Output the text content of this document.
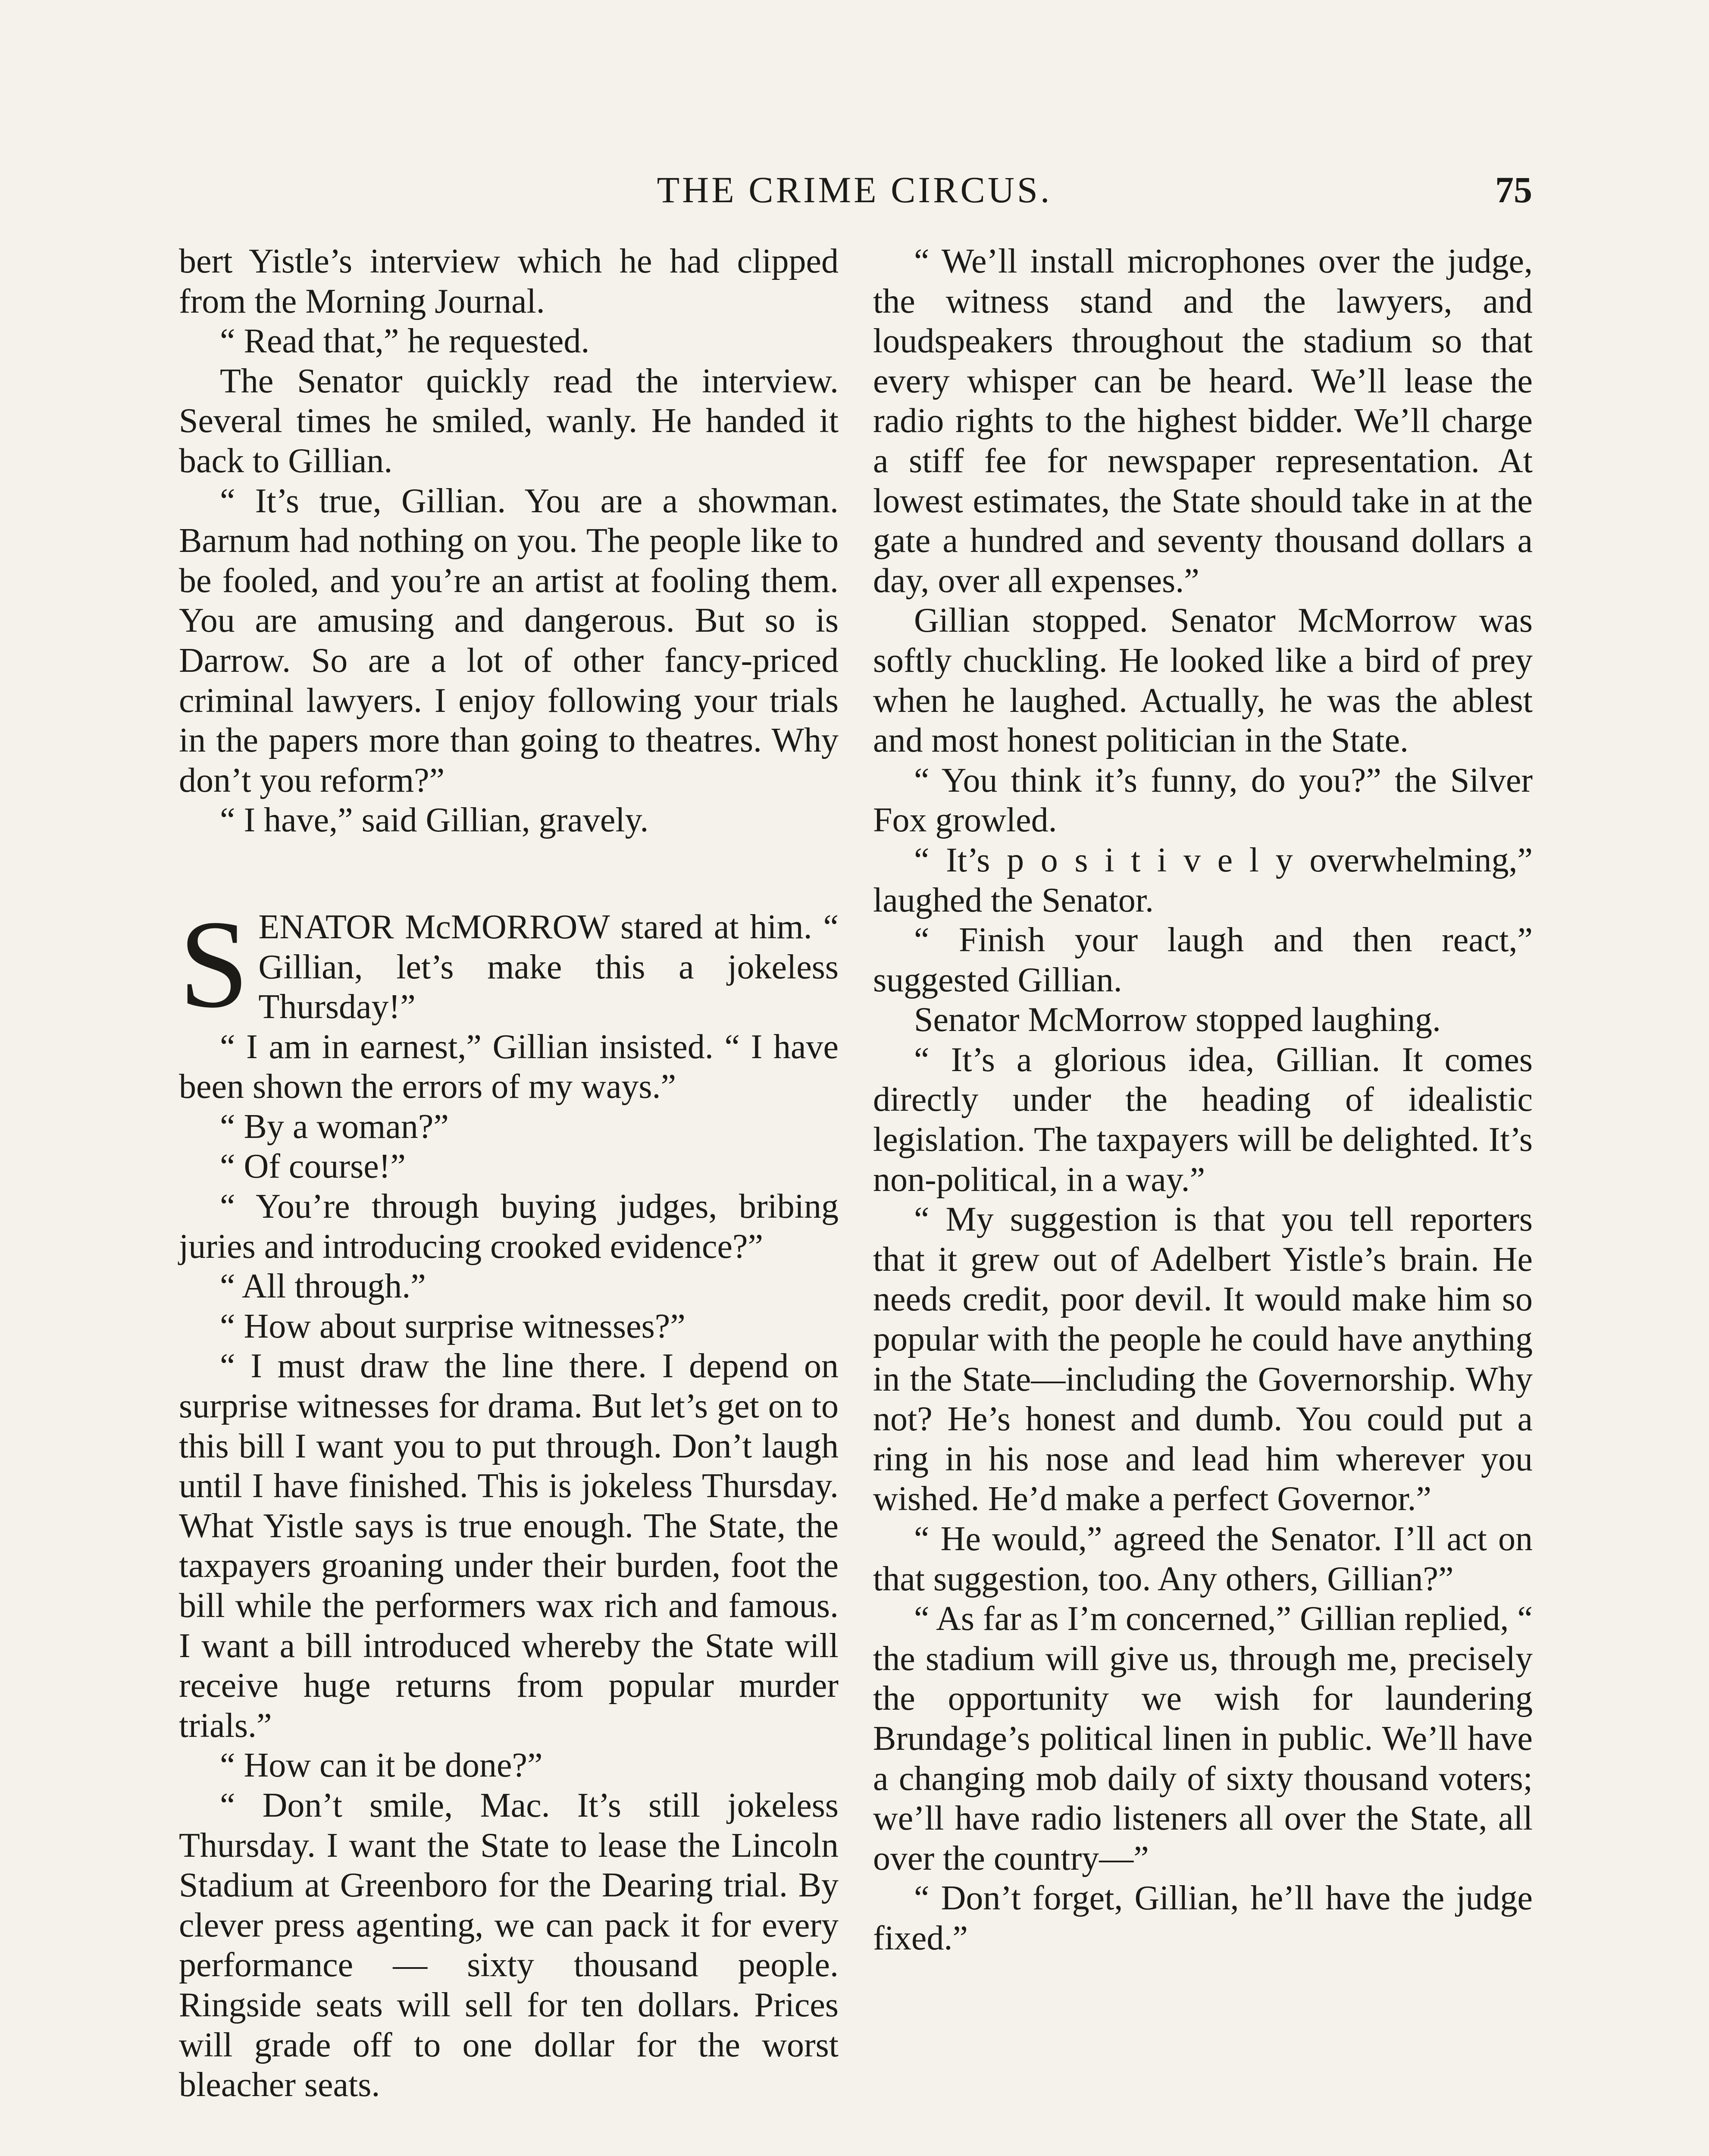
THE CRIME CIRCUS.	75

bert Yistle’s interview which he had clipped from the Morning Journal.

“ Read that,” he requested.

The Senator quickly read the interview. Several times he smiled, wanly. He handed it back to Gillian.

“ It’s true, Gillian. You are a showman. Barnum had nothing on you. The people like to be fooled, and you’re an artist at fooling them. You are amusing and dangerous. But so is Darrow. So are a lot of other fancy-priced criminal lawyers. I enjoy following your trials in the papers more than going to theatres. Why don’t you reform?”

“ I have,” said Gillian, gravely.

SENATOR McMORROW stared at him. “ Gillian, let’s make this a jokeless Thursday!”

“ I am in earnest,” Gillian insisted. “ I have been shown the errors of my ways.”

“ By a woman?”

“ Of course!”

“ You’re through buying judges, bribing juries and introducing crooked evidence?”

“ All through.”

“ How about surprise witnesses?”

“ I must draw the line there. I depend on surprise witnesses for drama. But let’s get on to this bill I want you to put through. Don’t laugh until I have finished. This is jokeless Thursday. What Yistle says is true enough. The State, the taxpayers groaning under their burden, foot the bill while the performers wax rich and famous. I want a bill introduced whereby the State will receive huge returns from popular murder trials.”

“ How can it be done?”

“ Don’t smile, Mac. It’s still jokeless Thursday. I want the State to lease the Lincoln Stadium at Greenboro for the Dearing trial. By clever press agenting, we can pack it for every performance — sixty thousand people. Ringside seats will sell for ten dollars. Prices will grade off to one dollar for the worst bleacher seats.

“ We’ll install microphones over the judge, the witness stand and the lawyers, and loudspeakers throughout the stadium so that every whisper can be heard. We’ll lease the radio rights to the highest bidder. We’ll charge a stiff fee for newspaper representation. At lowest estimates, the State should take in at the gate a hundred and seventy thousand dollars a day, over all expenses.”

Gillian stopped. Senator McMorrow was softly chuckling. He looked like a bird of prey when he laughed. Actually, he was the ablest and most honest politician in the State.

“ You think it’s funny, do you?” the Silver Fox growled.

“ It’s p o s i t i v e l y overwhelming,” laughed the Senator.

“ Finish your laugh and then react,” suggested Gillian.

Senator McMorrow stopped laughing.

“ It’s a glorious idea, Gillian. It comes directly under the heading of idealistic legislation. The taxpayers will be delighted. It’s non-political, in a way.”

“ My suggestion is that you tell reporters that it grew out of Adelbert Yistle’s brain. He needs credit, poor devil. It would make him so popular with the people he could have anything in the State—including the Governorship. Why not? He’s honest and dumb. You could put a ring in his nose and lead him wherever you wished. He’d make a perfect Governor.”

“ He would,” agreed the Senator. I’ll act on that suggestion, too. Any others, Gillian?”

“ As far as I’m concerned,” Gillian replied, “ the stadium will give us, through me, precisely the opportunity we wish for laundering Brundage’s political linen in public. We’ll have a changing mob daily of sixty thousand voters; we’ll have radio listeners all over the State, all over the country—”

“ Don’t forget, Gillian, he’ll have the judge fixed.”
